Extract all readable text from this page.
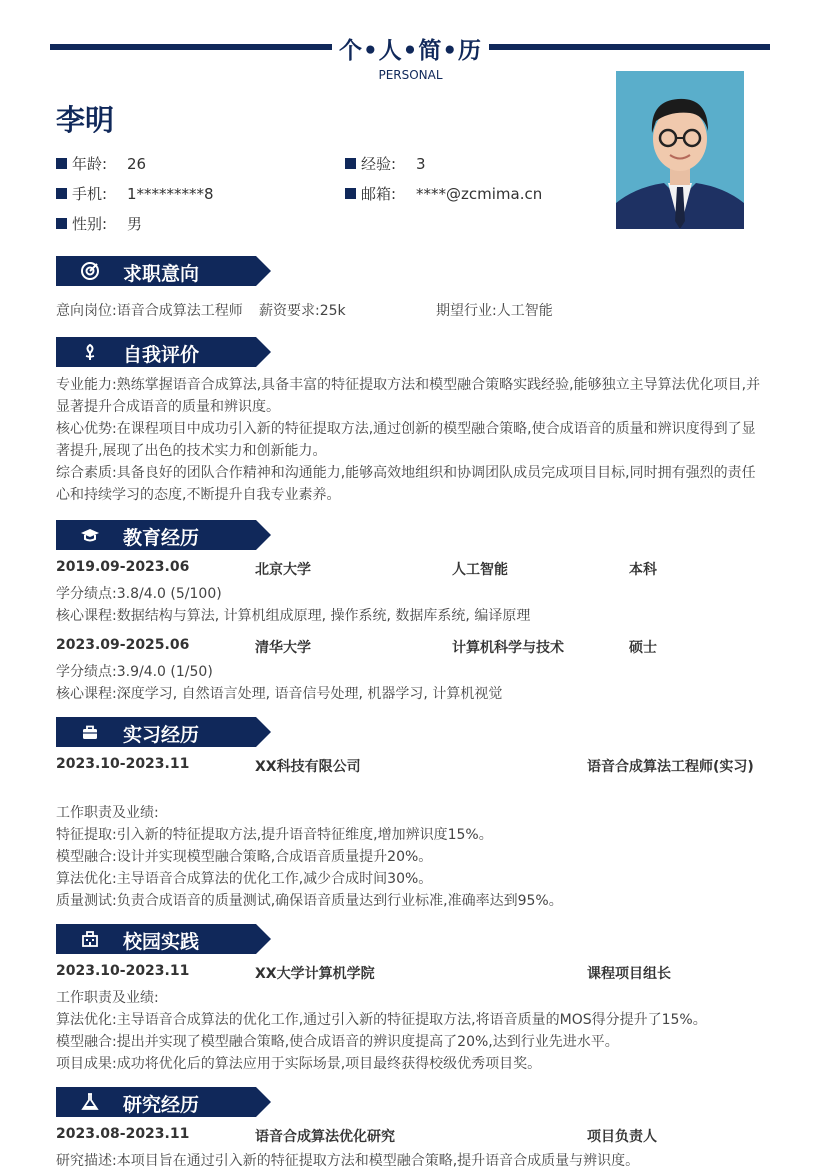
个•人•简•历
PERSONAL
李明
年龄:	26	经验:	3
手机:	1*********8	邮箱:	****@zcmima.cn
性别:	男
求职意向
意向岗位:语音合成算法工程师 薪资要求:25k	期望行业:人工智能
自我评价
专业能力:熟练掌握语音合成算法,具备丰富的特征提取方法和模型融合策略实践经验,能够独立主导算法优化项目,并显著提升合成语音的质量和辨识度。
核心优势:在课程项目中成功引入新的特征提取方法,通过创新的模型融合策略,使合成语音的质量和辨识度得到了显著提升,展现了出色的技术实力和创新能力。
综合素质:具备良好的团队合作精神和沟通能力,能够高效地组织和协调团队成员完成项目目标,同时拥有强烈的责任心和持续学习的态度,不断提升自我专业素养。
教育经历
2019.09-2023.06	北京大学	人工智能	本科
学分绩点:3.8/4.0 (5/100)
核心课程:数据结构与算法, 计算机组成原理, 操作系统, 数据库系统, 编译原理
2023.09-2025.06	清华大学	计算机科学与技术	硕士
学分绩点:3.9/4.0 (1/50)
核心课程:深度学习, 自然语言处理, 语音信号处理, 机器学习, 计算机视觉
实习经历
2023.10-2023.11	XX科技有限公司	语音合成算法工程师(实习)
工作职责及业绩:
特征提取:引入新的特征提取方法,提升语音特征维度,增加辨识度15%。
模型融合:设计并实现模型融合策略,合成语音质量提升20%。
算法优化:主导语音合成算法的优化工作,减少合成时间30%。
质量测试:负责合成语音的质量测试,确保语音质量达到行业标准,准确率达到95%。
校园实践
2023.10-2023.11	XX大学计算机学院	课程项目组长
工作职责及业绩:
算法优化:主导语音合成算法的优化工作,通过引入新的特征提取方法,将语音质量的MOS得分提升了15%。
模型融合:提出并实现了模型融合策略,使合成语音的辨识度提高了20%,达到行业先进水平。
项目成果:成功将优化后的算法应用于实际场景,项目最终获得校级优秀项目奖。
研究经历
2023.08-2023.11	语音合成算法优化研究	项目负责人
研究描述:本项目旨在通过引入新的特征提取方法和模型融合策略,提升语音合成质量与辨识度。
